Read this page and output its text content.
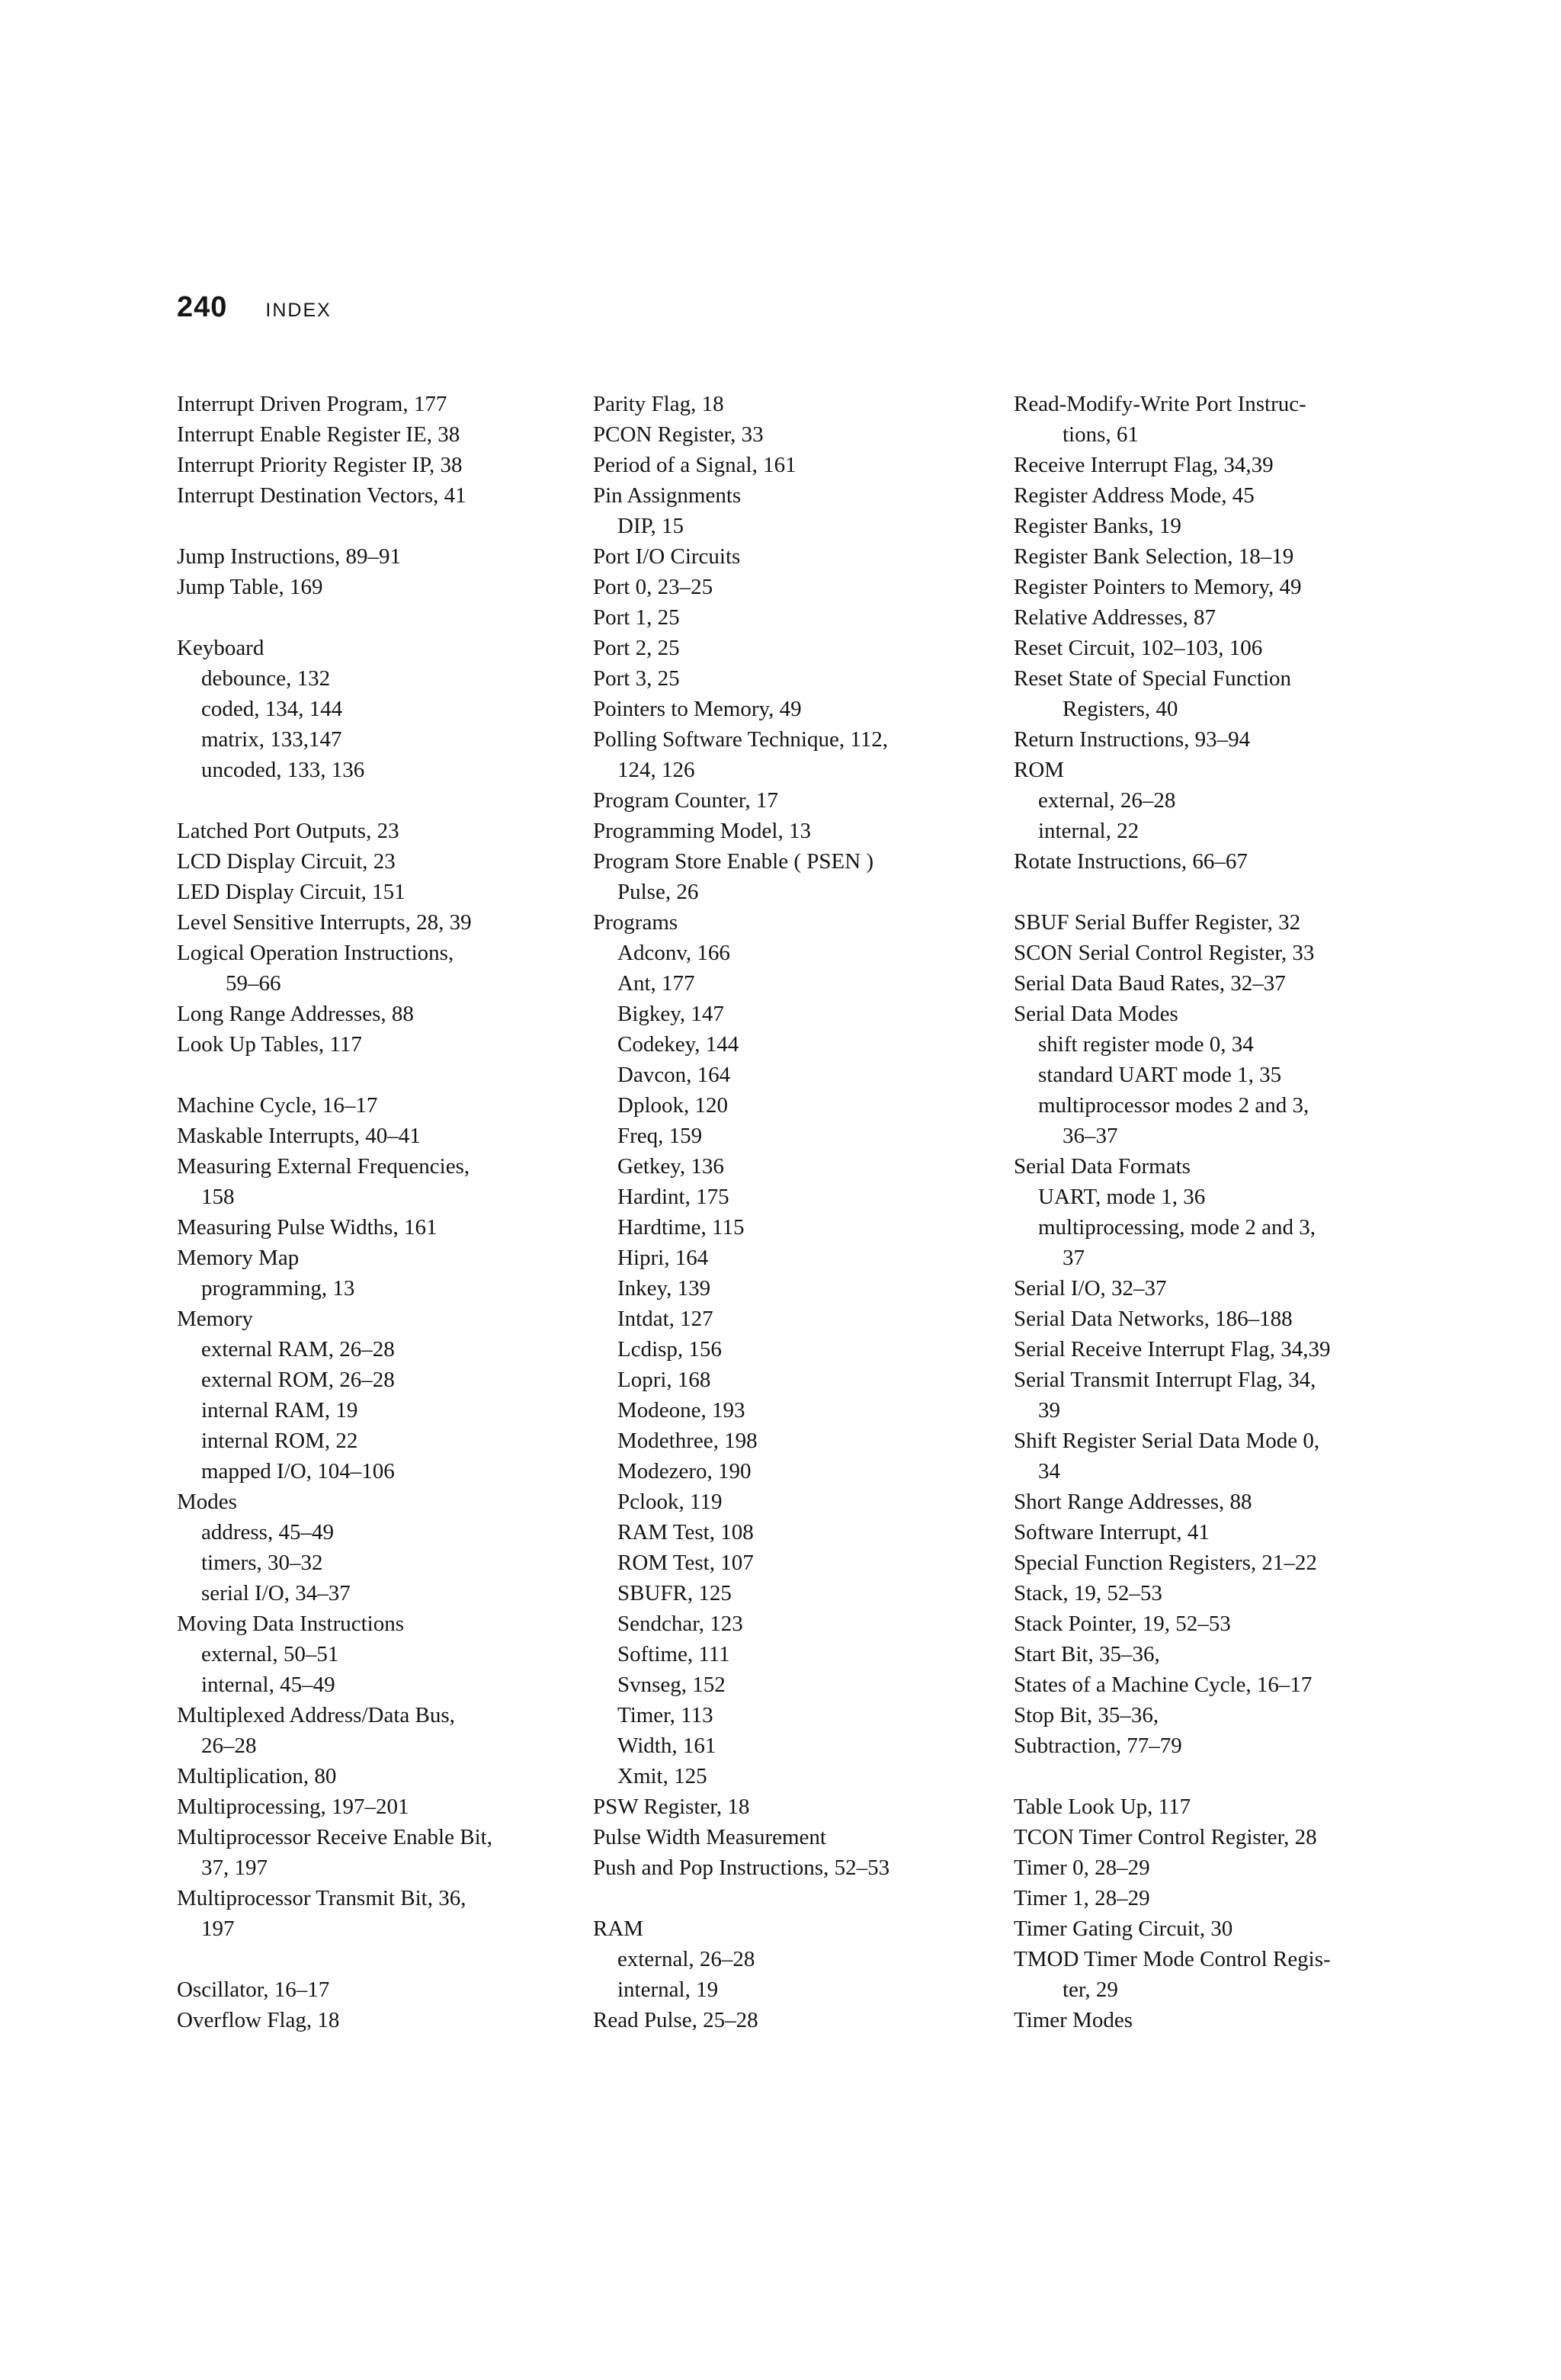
240 INDEX
Interrupt Driven Program, 177
Interrupt Enable Register IE, 38
Interrupt Priority Register IP, 38
Interrupt Destination Vectors, 41
Jump Instructions, 89–91
Jump Table, 169
Keyboard
debounce, 132
coded, 134, 144
matrix, 133,147
uncoded, 133, 136
Latched Port Outputs, 23
LCD Display Circuit, 23
LED Display Circuit, 151
Level Sensitive Interrupts, 28, 39
Logical Operation Instructions,
59–66
Long Range Addresses, 88
Look Up Tables, 117
Machine Cycle, 16–17
Maskable Interrupts, 40–41
Measuring External Frequencies,
158
Measuring Pulse Widths, 161
Memory Map
programming, 13
Memory
external RAM, 26–28
external ROM, 26–28
internal RAM, 19
internal ROM, 22
mapped I/O, 104–106
Modes
address, 45–49
timers, 30–32
serial I/O, 34–37
Moving Data Instructions
external, 50–51
internal, 45–49
Multiplexed Address/Data Bus,
26–28
Multiplication, 80
Multiprocessing, 197–201
Multiprocessor Receive Enable Bit,
37, 197
Multiprocessor Transmit Bit, 36,
197
Oscillator, 16–17
Overflow Flag, 18
Parity Flag, 18
PCON Register, 33
Period of a Signal, 161
Pin Assignments
DIP, 15
Port I/O Circuits
Port 0, 23–25
Port 1, 25
Port 2, 25
Port 3, 25
Pointers to Memory, 49
Polling Software Technique, 112,
124, 126
Program Counter, 17
Programming Model, 13
Program Store Enable ( PSEN )
Pulse, 26
Programs
Adconv, 166
Ant, 177
Bigkey, 147
Codekey, 144
Davcon, 164
Dplook, 120
Freq, 159
Getkey, 136
Hardint, 175
Hardtime, 115
Hipri, 164
Inkey, 139
Intdat, 127
Lcdisp, 156
Lopri, 168
Modeone, 193
Modethree, 198
Modezero, 190
Pclook, 119
RAM Test, 108
ROM Test, 107
SBUFR, 125
Sendchar, 123
Softime, 111
Svnseg, 152
Timer, 113
Width, 161
Xmit, 125
PSW Register, 18
Pulse Width Measurement
Push and Pop Instructions, 52–53
RAM
external, 26–28
internal, 19
Read Pulse, 25–28
Read-Modify-Write Port Instruc-
tions, 61
Receive Interrupt Flag, 34,39
Register Address Mode, 45
Register Banks, 19
Register Bank Selection, 18–19
Register Pointers to Memory, 49
Relative Addresses, 87
Reset Circuit, 102–103, 106
Reset State of Special Function
Registers, 40
Return Instructions, 93–94
ROM
external, 26–28
internal, 22
Rotate Instructions, 66–67
SBUF Serial Buffer Register, 32
SCON Serial Control Register, 33
Serial Data Baud Rates, 32–37
Serial Data Modes
shift register mode 0, 34
standard UART mode 1, 35
multiprocessor modes 2 and 3,
36–37
Serial Data Formats
UART, mode 1, 36
multiprocessing, mode 2 and 3,
37
Serial I/O, 32–37
Serial Data Networks, 186–188
Serial Receive Interrupt Flag, 34,39
Serial Transmit Interrupt Flag, 34,
39
Shift Register Serial Data Mode 0,
34
Short Range Addresses, 88
Software Interrupt, 41
Special Function Registers, 21–22
Stack, 19, 52–53
Stack Pointer, 19, 52–53
Start Bit, 35–36,
States of a Machine Cycle, 16–17
Stop Bit, 35–36,
Subtraction, 77–79
Table Look Up, 117
TCON Timer Control Register, 28
Timer 0, 28–29
Timer 1, 28–29
Timer Gating Circuit, 30
TMOD Timer Mode Control Regis-
ter, 29
Timer Modes
